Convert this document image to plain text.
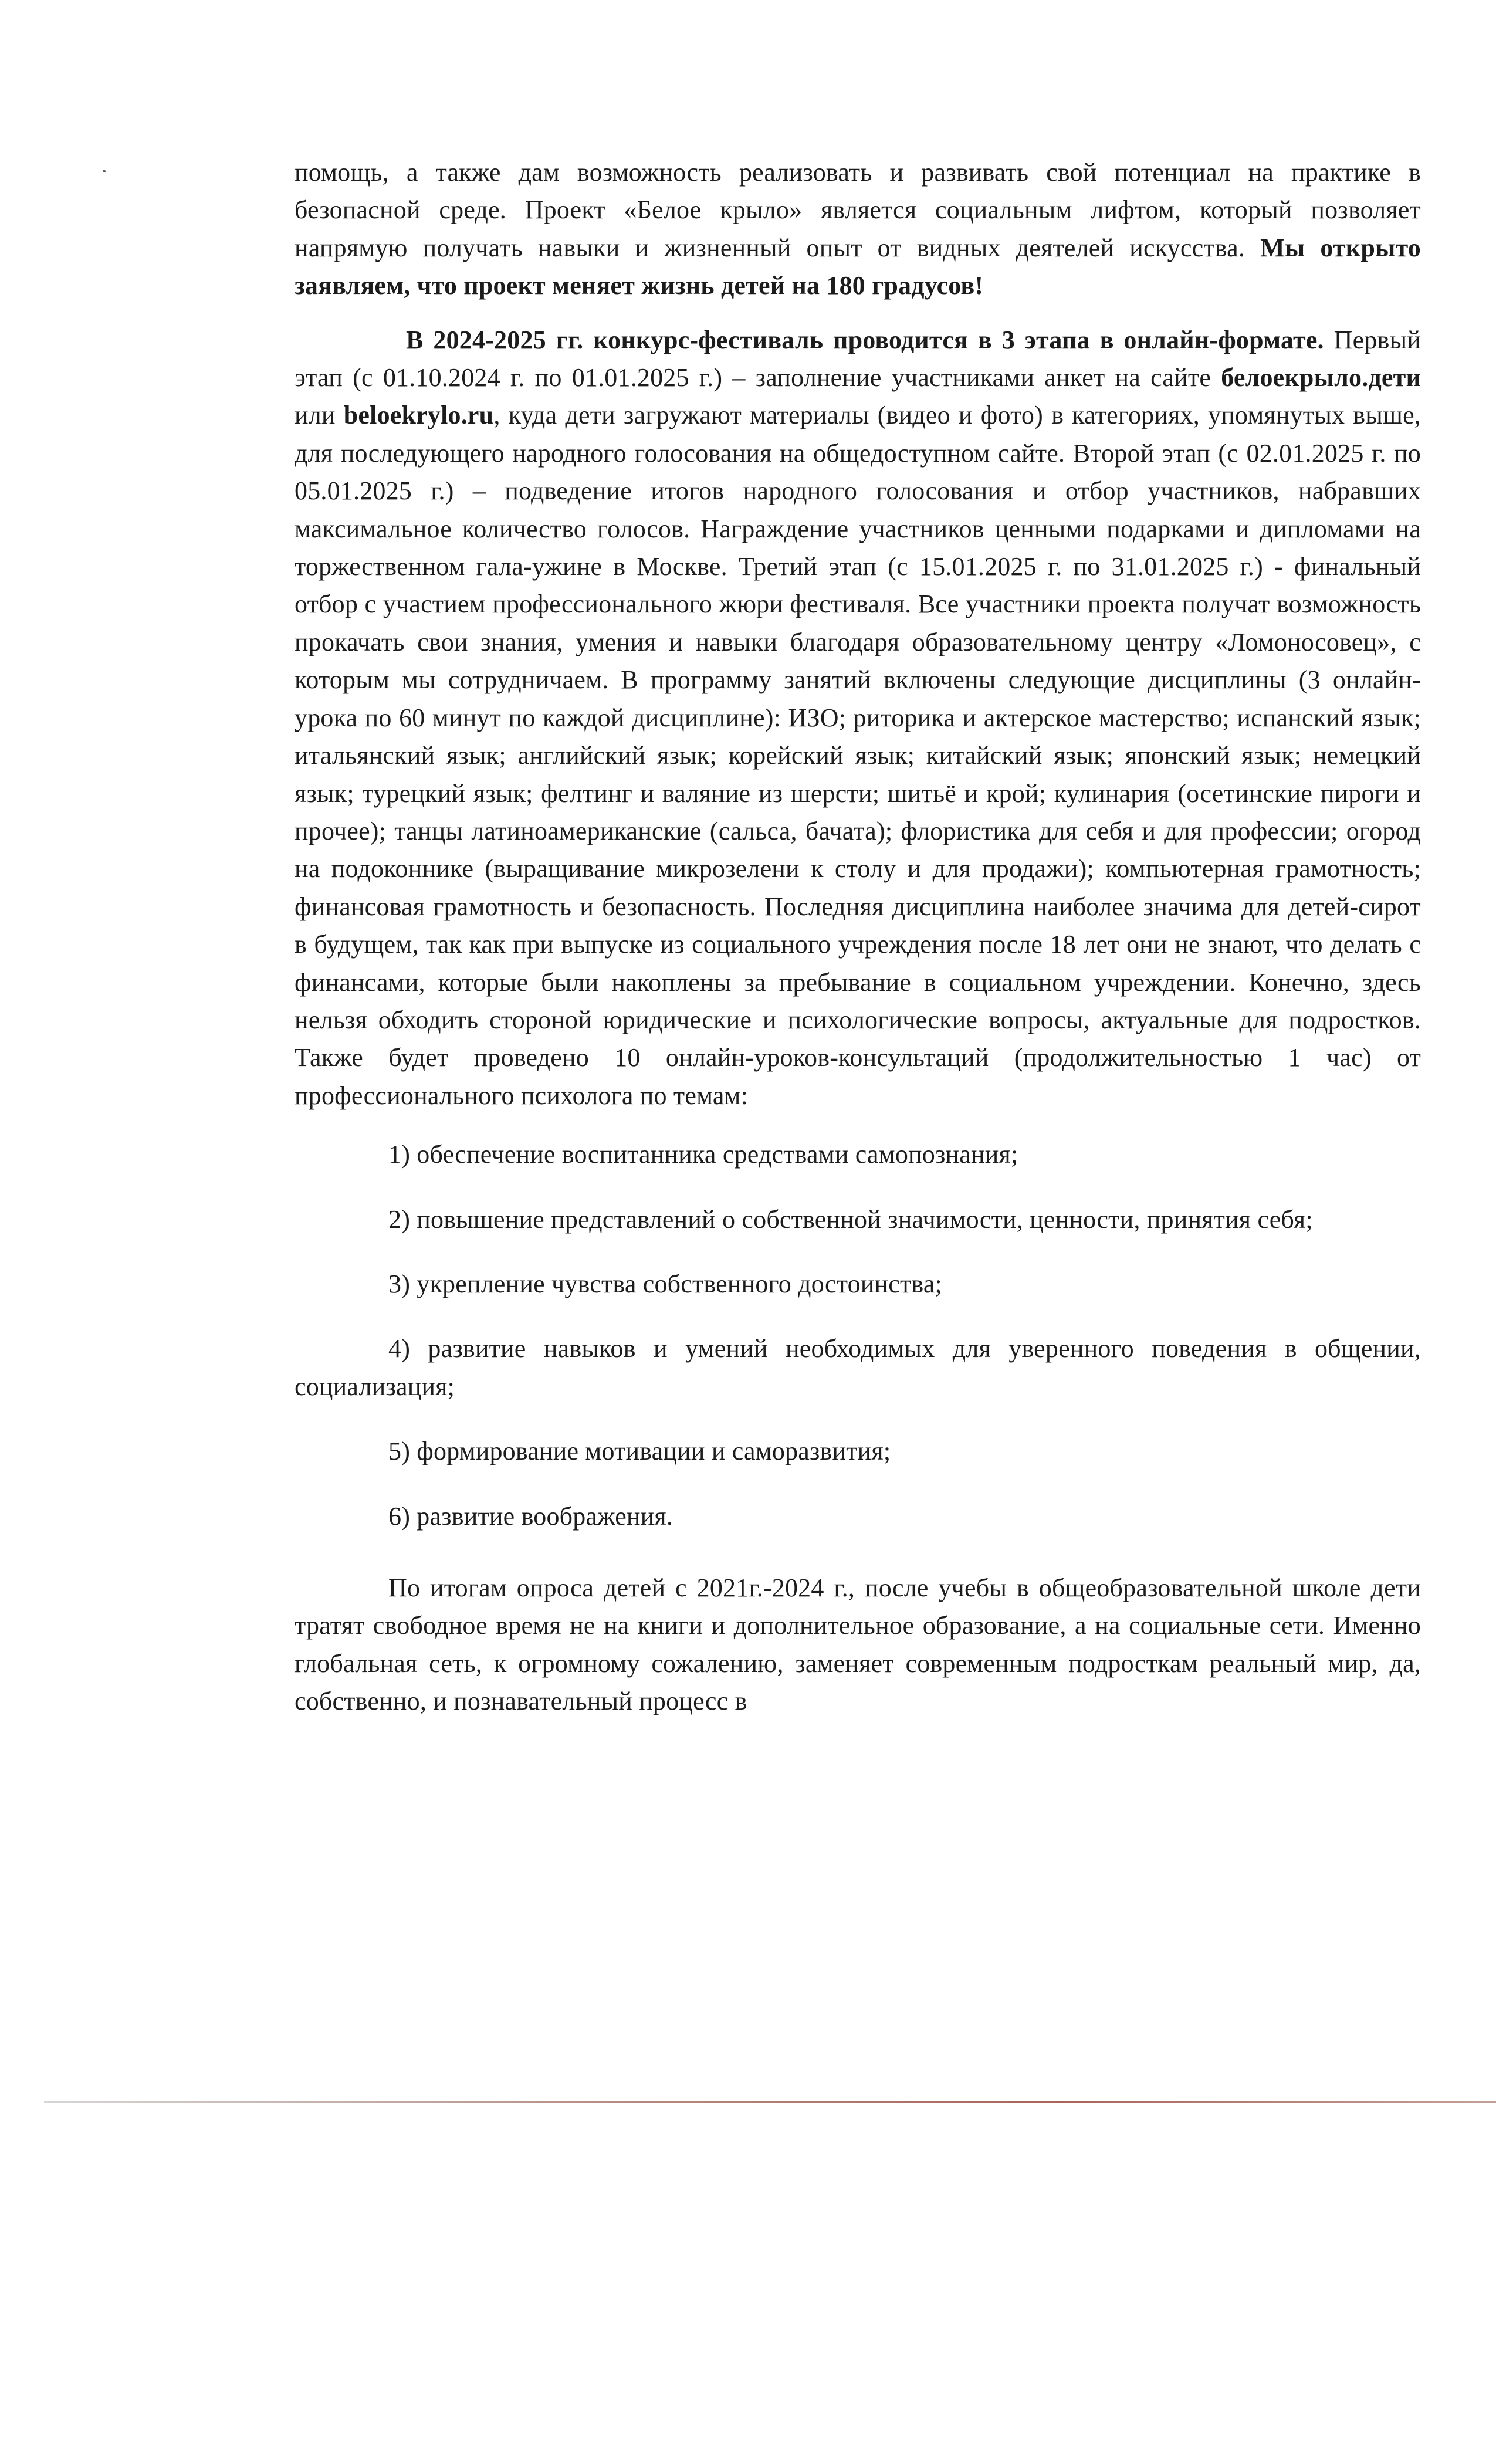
помощь, а также дам возможность реализовать и развивать свой потенциал на практике в безопасной среде. Проект «Белое крыло» является социальным лифтом, который позволяет напрямую получать навыки и жизненный опыт от видных деятелей искусства. Мы открыто заявляем, что проект меняет жизнь детей на 180 градусов!

В 2024-2025 гг. конкурс-фестиваль проводится в 3 этапа в онлайн-формате. Первый этап (с 01.10.2024 г. по 01.01.2025 г.) – заполнение участниками анкет на сайте белоекрыло.дети или beloekrylo.ru, куда дети загружают материалы (видео и фото) в категориях, упомянутых выше, для последующего народного голосования на общедоступном сайте. Второй этап (с 02.01.2025 г. по 05.01.2025 г.) – подведение итогов народного голосования и отбор участников, набравших максимальное количество голосов. Награждение участников ценными подарками и дипломами на торжественном гала-ужине в Москве. Третий этап (с 15.01.2025 г. по 31.01.2025 г.) - финальный отбор с участием профессионального жюри фестиваля. Все участники проекта получат возможность прокачать свои знания, умения и навыки благодаря образовательному центру «Ломоносовец», с которым мы сотрудничаем. В программу занятий включены следующие дисциплины (3 онлайн-урока по 60 минут по каждой дисциплине): ИЗО; риторика и актерское мастерство; испанский язык; итальянский язык; английский язык; корейский язык; китайский язык; японский язык; немецкий язык; турецкий язык; фелтинг и валяние из шерсти; шитьё и крой; кулинария (осетинские пироги и прочее); танцы латиноамериканские (сальса, бачата); флористика для себя и для профессии; огород на подоконнике (выращивание микрозелени к столу и для продажи); компьютерная грамотность; финансовая грамотность и безопасность. Последняя дисциплина наиболее значима для детей-сирот в будущем, так как при выпуске из социального учреждения после 18 лет они не знают, что делать с финансами, которые были накоплены за пребывание в социальном учреждении. Конечно, здесь нельзя обходить стороной юридические и психологические вопросы, актуальные для подростков. Также будет проведено 10 онлайн-уроков-консультаций (продолжительностью 1 час) от профессионального психолога по темам:

1) обеспечение воспитанника средствами самопознания;

2) повышение представлений о собственной значимости, ценности, принятия себя;

3) укрепление чувства собственного достоинства;

4) развитие навыков и умений необходимых для уверенного поведения в общении, социализация;

5) формирование мотивации и саморазвития;

6) развитие воображения.

По итогам опроса детей с 2021г.-2024 г., после учебы в общеобразовательной школе дети тратят свободное время не на книги и дополнительное образование, а на социальные сети. Именно глобальная сеть, к огромному сожалению, заменяет современным подросткам реальный мир, да, собственно, и познавательный процесс в
